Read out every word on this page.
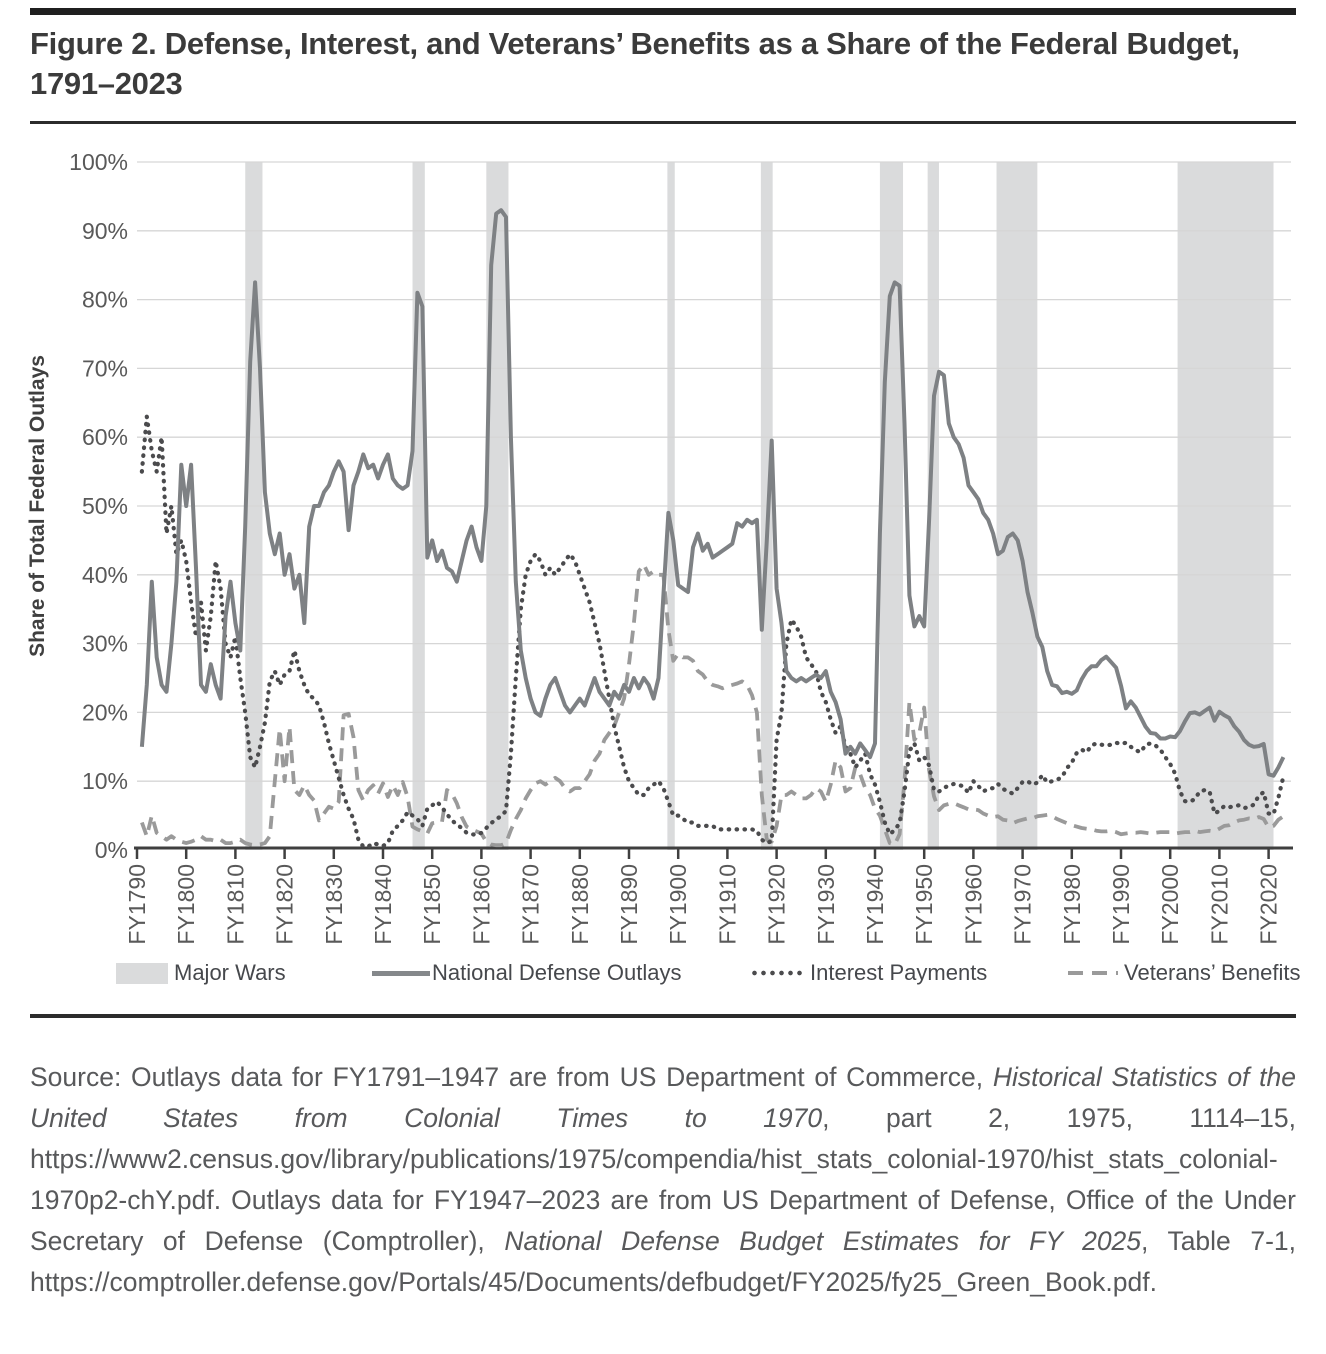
Figure 2. Defense, Interest, and Veterans’ Benefits as a Share of the Federal Budget, 1791–2023
0%
10%
20%
30%
40%
50%
60%
70%
80%
90%
100%
FY1790 FY1800 FY1810 FY1820 FY1830 FY1840 FY1850 FY1860 FY1870 FY1880 FY1890 FY1900 FY1910 FY1920 FY1930 FY1940 FY1950 FY1960 FY1970 FY1980 FY1990 FY2000 FY2010 FY2020
Share of Total Federal Outlays
Major Wars	National Defense Outlays	Interest Payments	Veterans’ Benefits

Source: Outlays data for FY1791–1947 are from US Department of Commerce, Historical Statistics of the United States from Colonial Times to 1970, part 2, 1975, 1114–15, https://www2.census.gov/library/publications/1975/compendia/hist_stats_colonial-1970/hist_stats_colonial-1970p2-chY.pdf. Outlays data for FY1947–2023 are from US Department of Defense, Office of the Under Secretary of Defense (Comptroller), National Defense Budget Estimates for FY 2025, Table 7-1, https://comptroller.defense.gov/Portals/45/Documents/defbudget/FY2025/fy25_Green_Book.pdf.
